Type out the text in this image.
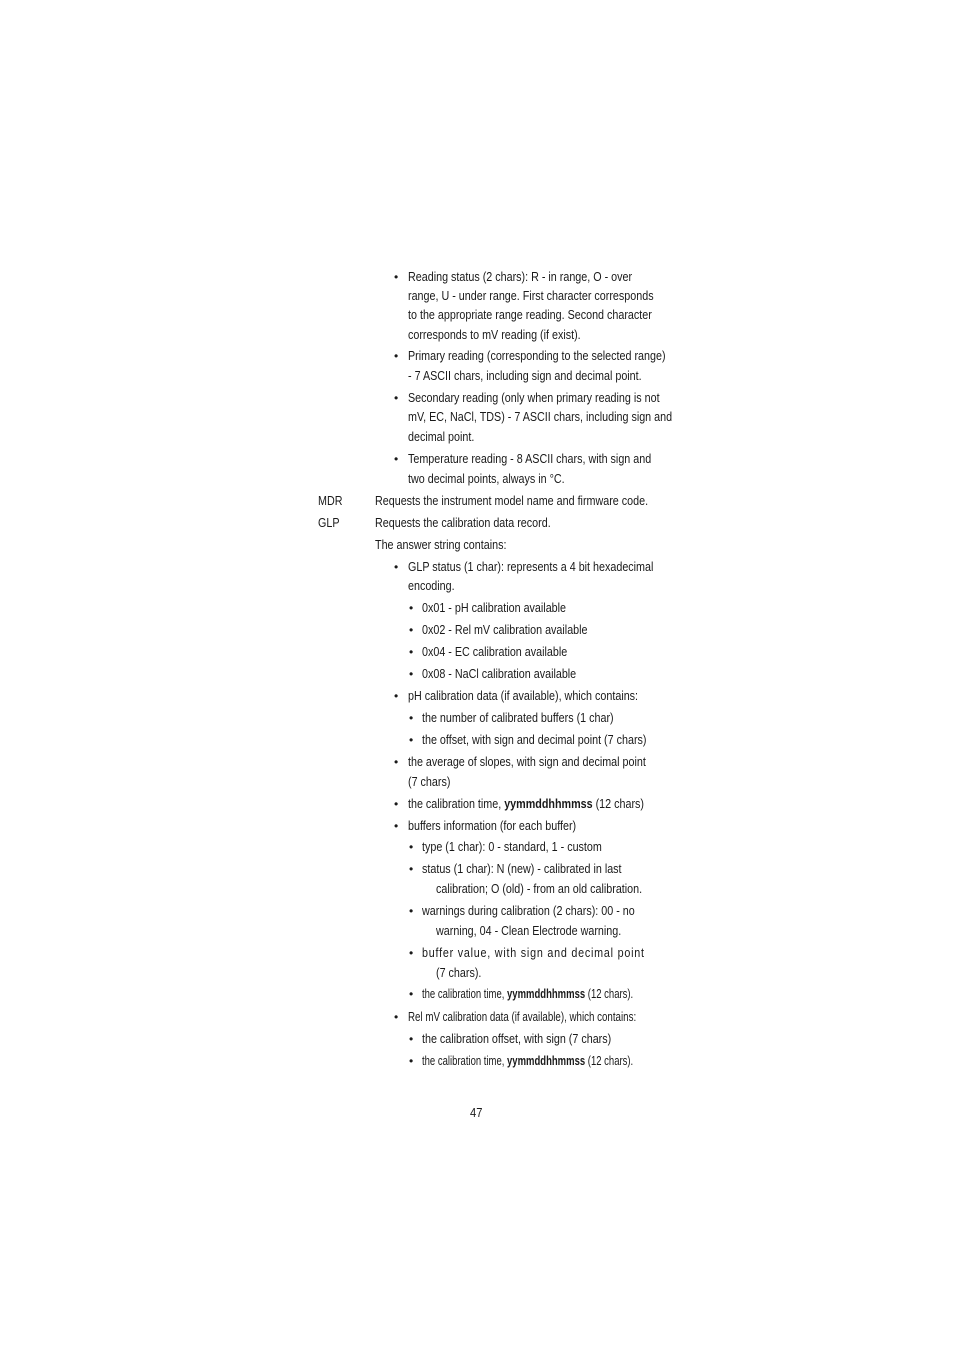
• Reading status (2 chars): R - in range, O - over
range, U - under range. First character corresponds
to the appropriate range reading. Second character
corresponds to mV reading (if exist).
• Primary reading (corresponding to the selected range)
- 7 ASCII chars, including sign and decimal point.
• Secondary reading (only when primary reading is not
mV, EC, NaCl, TDS) - 7 ASCII chars, including sign and
decimal point.
• Temperature reading - 8 ASCII chars, with sign and
two decimal points, always in °C.
MDR	Requests the instrument model name and firmware code.
GLP	Requests the calibration data record.
The answer string contains:
• GLP status (1 char): represents a 4 bit hexadecimal
encoding.
• 0x01 - pH calibration available
• 0x02 - Rel mV calibration available
• 0x04 - EC calibration available
• 0x08 - NaCl calibration available
• pH calibration data (if available), which contains:
• the number of calibrated buffers (1 char)
• the offset, with sign and decimal point (7 chars)
• the average of slopes, with sign and decimal point
(7 chars)
• the calibration time, yymmddhhmmss (12 chars)
• buffers information (for each buffer)
• type (1 char): 0 - standard, 1 - custom
• status (1 char): N (new) - calibrated in last
calibration; O (old) - from an old calibration.
• warnings during calibration (2 chars): 00 - no
warning, 04 - Clean Electrode warning.
• buffer value, with sign and decimal point
(7 chars).
• the calibration time, yymmddhhmmss (12 chars).
• Rel mV calibration data (if available), which contains:
• the calibration offset, with sign (7 chars)
• the calibration time, yymmddhhmmss (12 chars).
47
